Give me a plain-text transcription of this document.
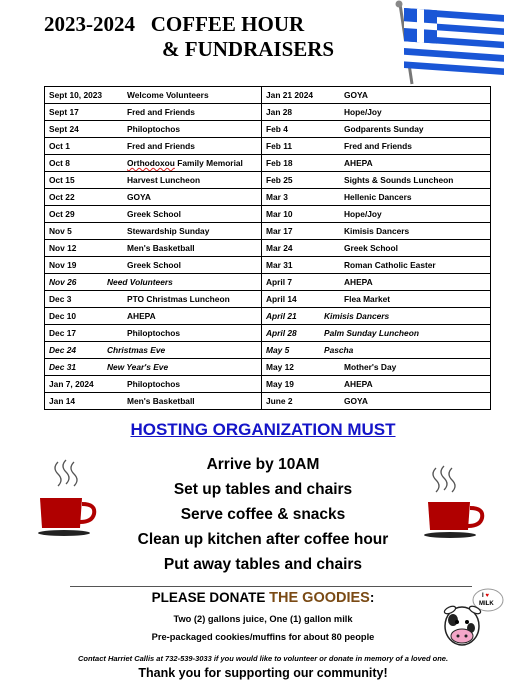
2023-2024   COFFEE HOUR
& FUNDRAISERS
Sept 10, 2023 Welcome Volunteers	Jan 21 2024 GOYA
Sept 17 Fred and Friends	Jan 28 Hope/Joy
Sept 24 Philoptochos	Feb 4 Godparents Sunday
Oct 1 Fred and Friends	Feb 11 Fred and Friends
Oct 8 Orthodoxou Family Memorial	Feb 18 AHEPA
Oct 15 Harvest Luncheon	Feb 25 Sights & Sounds Luncheon
Oct 22 GOYA	Mar 3 Hellenic Dancers
Oct 29 Greek School	Mar 10 Hope/Joy
Nov 5 Stewardship Sunday	Mar 17 Kimisis Dancers
Nov 12 Men's Basketball	Mar 24 Greek School
Nov 19 Greek School	Mar 31 Roman Catholic Easter
Nov 26 Need Volunteers	April 7 AHEPA
Dec 3 PTO Christmas Luncheon	April 14 Flea Market
Dec 10 AHEPA	April 21 Kimisis Dancers
Dec 17 Philoptochos	April 28 Palm Sunday Luncheon
Dec 24 Christmas Eve	May 5 Pascha
Dec 31 New Year's Eve	May 12 Mother's Day
Jan 7, 2024 Philoptochos	May 19 AHEPA
Jan 14 Men's Basketball	June 2 GOYA
HOSTING ORGANIZATION MUST
Arrive by 10AM
Set up tables and chairs
Serve coffee & snacks
Clean up kitchen after coffee hour
Put away tables and chairs
PLEASE DONATE THE GOODIES:
Two (2) gallons juice, One (1) gallon milk
Pre-packaged cookies/muffins for about 80 people
I ♥
MILK
Contact Harriet Callis at 732-539-3033 if you would like to volunteer or donate in memory of a loved one.
Thank you for supporting our community!
